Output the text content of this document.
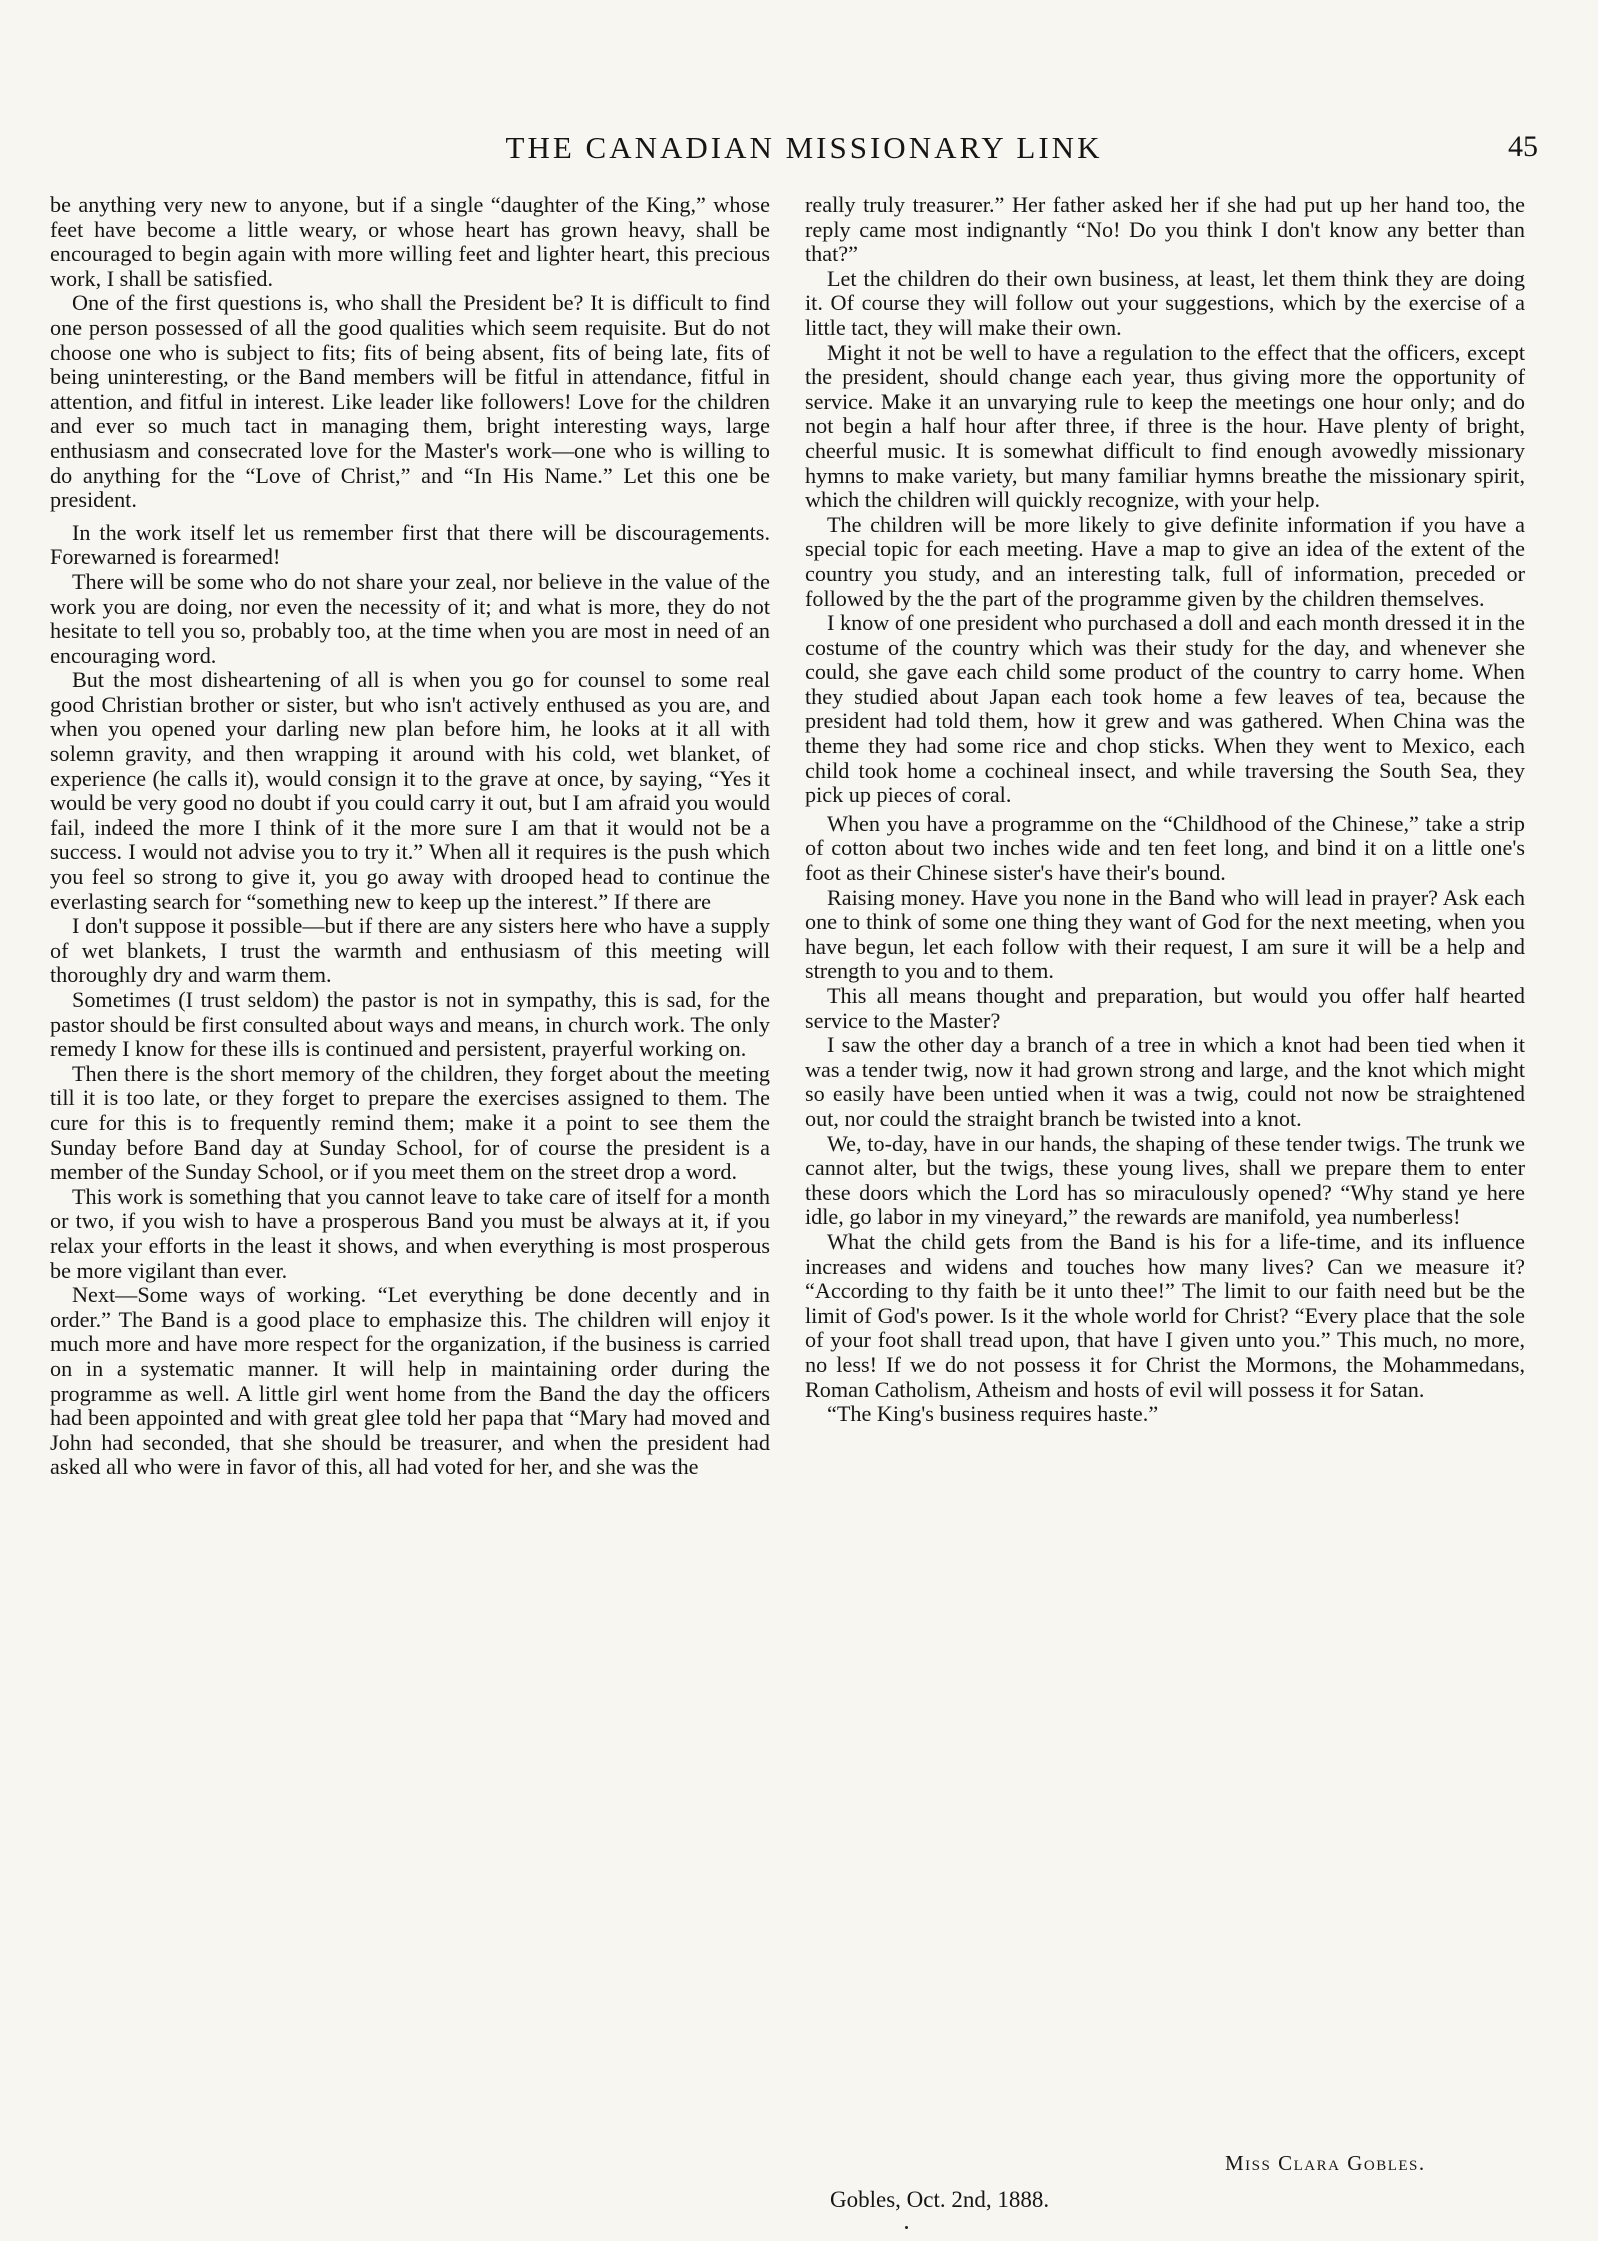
THE CANADIAN MISSIONARY LINK	45

be anything very new to anyone, but if a single “daughter of the King,” whose feet have become a little weary, or whose heart has grown heavy, shall be encouraged to begin again with more willing feet and lighter heart, this precious work, I shall be satisfied.

One of the first questions is, who shall the President be? It is difficult to find one person possessed of all the good qualities which seem requisite. But do not choose one who is subject to fits; fits of being absent, fits of being late, fits of being uninteresting, or the Band members will be fitful in attendance, fitful in attention, and fitful in interest. Like leader like followers! Love for the children and ever so much tact in managing them, bright interesting ways, large enthusiasm and consecrated love for the Master's work—one who is willing to do anything for the “Love of Christ,” and “In His Name.” Let this one be president.

In the work itself let us remember first that there will be discouragements. Forewarned is forearmed!

There will be some who do not share your zeal, nor believe in the value of the work you are doing, nor even the necessity of it; and what is more, they do not hesitate to tell you so, probably too, at the time when you are most in need of an encouraging word.

But the most disheartening of all is when you go for counsel to some real good Christian brother or sister, but who isn't actively enthused as you are, and when you opened your darling new plan before him, he looks at it all with solemn gravity, and then wrapping it around with his cold, wet blanket, of experience (he calls it), would consign it to the grave at once, by saying, “Yes it would be very good no doubt if you could carry it out, but I am afraid you would fail, indeed the more I think of it the more sure I am that it would not be a success. I would not advise you to try it.” When all it requires is the push which you feel so strong to give it, you go away with drooped head to continue the everlasting search for “something new to keep up the interest.” If there are

I don't suppose it possible—but if there are any sisters here who have a supply of wet blankets, I trust the warmth and enthusiasm of this meeting will thoroughly dry and warm them.

Sometimes (I trust seldom) the pastor is not in sympathy, this is sad, for the pastor should be first consulted about ways and means, in church work. The only remedy I know for these ills is continued and persistent, prayerful working on.

Then there is the short memory of the children, they forget about the meeting till it is too late, or they forget to prepare the exercises assigned to them. The cure for this is to frequently remind them; make it a point to see them the Sunday before Band day at Sunday School, for of course the president is a member of the Sunday School, or if you meet them on the street drop a word.

This work is something that you cannot leave to take care of itself for a month or two, if you wish to have a prosperous Band you must be always at it, if you relax your efforts in the least it shows, and when everything is most prosperous be more vigilant than ever.

Next—Some ways of working. “Let everything be done decently and in order.” The Band is a good place to emphasize this. The children will enjoy it much more and have more respect for the organization, if the business is carried on in a systematic manner. It will help in maintaining order during the programme as well. A little girl went home from the Band the day the officers had been appointed and with great glee told her papa that “Mary had moved and John had seconded, that she should be treasurer, and when the president had asked all who were in favor of this, all had voted for her, and she was the

really truly treasurer.” Her father asked her if she had put up her hand too, the reply came most indignantly “No! Do you think I don't know any better than that?”

Let the children do their own business, at least, let them think they are doing it. Of course they will follow out your suggestions, which by the exercise of a little tact, they will make their own.

Might it not be well to have a regulation to the effect that the officers, except the president, should change each year, thus giving more the opportunity of service. Make it an unvarying rule to keep the meetings one hour only; and do not begin a half hour after three, if three is the hour. Have plenty of bright, cheerful music. It is somewhat difficult to find enough avowedly missionary hymns to make variety, but many familiar hymns breathe the missionary spirit, which the children will quickly recognize, with your help.

The children will be more likely to give definite information if you have a special topic for each meeting. Have a map to give an idea of the extent of the country you study, and an interesting talk, full of information, preceded or followed by the the part of the programme given by the children themselves.

I know of one president who purchased a doll and each month dressed it in the costume of the country which was their study for the day, and whenever she could, she gave each child some product of the country to carry home. When they studied about Japan each took home a few leaves of tea, because the president had told them, how it grew and was gathered. When China was the theme they had some rice and chop sticks. When they went to Mexico, each child took home a cochineal insect, and while traversing the South Sea, they pick up pieces of coral.

When you have a programme on the “Childhood of the Chinese,” take a strip of cotton about two inches wide and ten feet long, and bind it on a little one's foot as their Chinese sister's have their's bound.

Raising money. Have you none in the Band who will lead in prayer? Ask each one to think of some one thing they want of God for the next meeting, when you have begun, let each follow with their request, I am sure it will be a help and strength to you and to them.

This all means thought and preparation, but would you offer half hearted service to the Master?

I saw the other day a branch of a tree in which a knot had been tied when it was a tender twig, now it had grown strong and large, and the knot which might so easily have been untied when it was a twig, could not now be straightened out, nor could the straight branch be twisted into a knot.

We, to-day, have in our hands, the shaping of these tender twigs. The trunk we cannot alter, but the twigs, these young lives, shall we prepare them to enter these doors which the Lord has so miraculously opened? “Why stand ye here idle, go labor in my vineyard,” the rewards are manifold, yea numberless!

What the child gets from the Band is his for a life-time, and its influence increases and widens and touches how many lives? Can we measure it? “According to thy faith be it unto thee!” The limit to our faith need but be the limit of God's power. Is it the whole world for Christ? “Every place that the sole of your foot shall tread upon, that have I given unto you.” This much, no more, no less! If we do not possess it for Christ the Mormons, the Mohammedans, Roman Catholism, Atheism and hosts of evil will possess it for Satan.

“The King's business requires haste.”

Miss Clara Gobles.
Gobles, Oct. 2nd, 1888.
